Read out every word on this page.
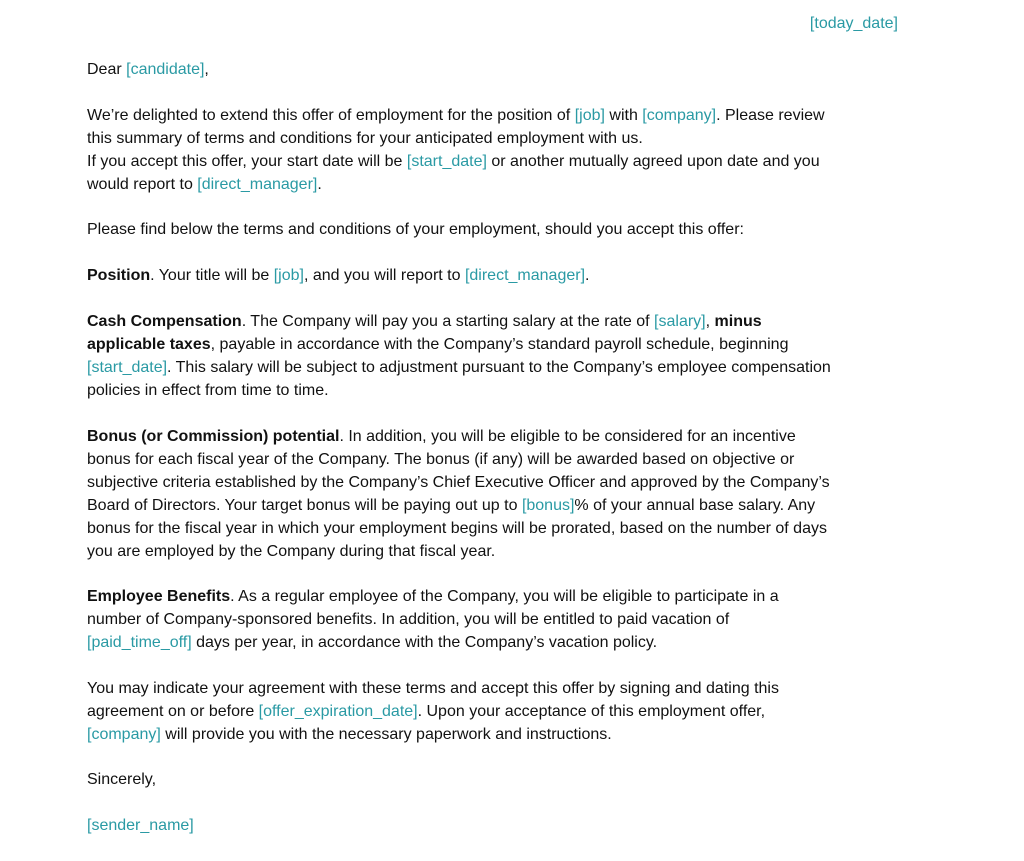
[today_date]

Dear [candidate],

We’re delighted to extend this offer of employment for the position of [job] with [company]. Please review
this summary of terms and conditions for your anticipated employment with us.
If you accept this offer, your start date will be [start_date] or another mutually agreed upon date and you
would report to [direct_manager].

Please find below the terms and conditions of your employment, should you accept this offer:

Position. Your title will be [job], and you will report to [direct_manager].

Cash Compensation. The Company will pay you a starting salary at the rate of [salary], minus
applicable taxes, payable in accordance with the Company’s standard payroll schedule, beginning
[start_date]. This salary will be subject to adjustment pursuant to the Company’s employee compensation
policies in effect from time to time.

Bonus (or Commission) potential. In addition, you will be eligible to be considered for an incentive
bonus for each fiscal year of the Company. The bonus (if any) will be awarded based on objective or
subjective criteria established by the Company’s Chief Executive Officer and approved by the Company’s
Board of Directors. Your target bonus will be paying out up to [bonus]% of your annual base salary. Any
bonus for the fiscal year in which your employment begins will be prorated, based on the number of days
you are employed by the Company during that fiscal year.

Employee Benefits. As a regular employee of the Company, you will be eligible to participate in a
number of Company-sponsored benefits. In addition, you will be entitled to paid vacation of
[paid_time_off] days per year, in accordance with the Company’s vacation policy.

You may indicate your agreement with these terms and accept this offer by signing and dating this
agreement on or before [offer_expiration_date]. Upon your acceptance of this employment offer,
[company] will provide you with the necessary paperwork and instructions.

Sincerely,

[sender_name]
